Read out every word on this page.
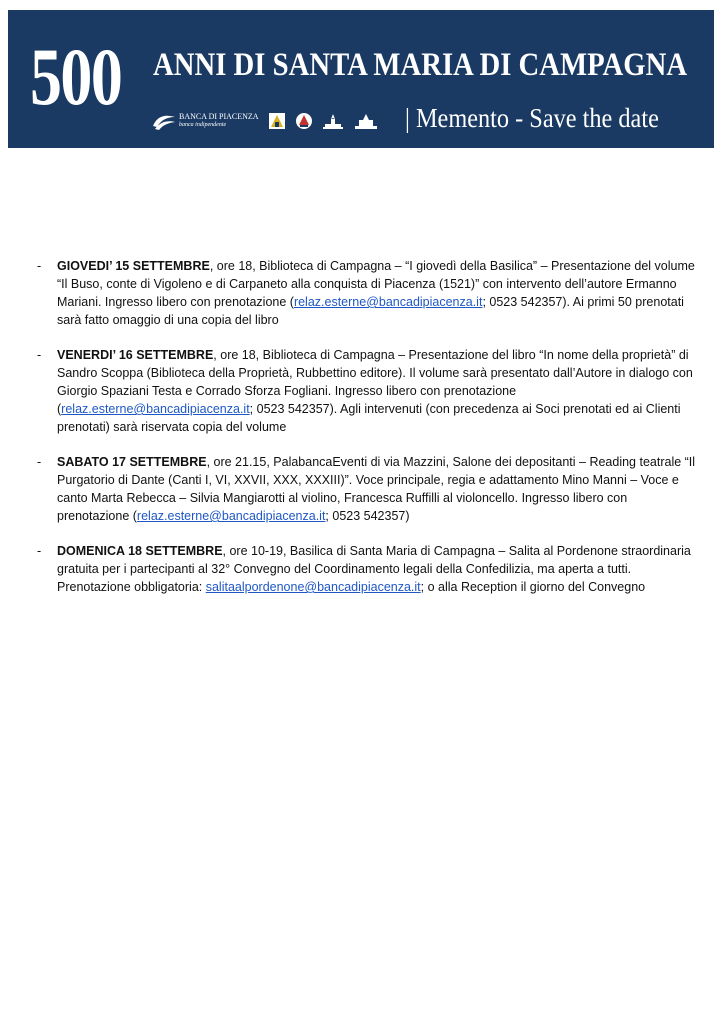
500 ANNI DI SANTA MARIA DI CAMPAGNA
BANCA DI PIACENZA
banca indipendente	| Memento - Save the date
- GIOVEDI’ 15 SETTEMBRE, ore 18, Biblioteca di Campagna – “I giovedì della Basilica” – Presentazione del volume “Il Buso, conte di Vigoleno e di Carpaneto alla conquista di Piacenza (1521)” con intervento dell’autore Ermanno Mariani. Ingresso libero con prenotazione (relaz.esterne@bancadipiacenza.it; 0523 542357). Ai primi 50 prenotati sarà fatto omaggio di una copia del libro
- VENERDI’ 16 SETTEMBRE, ore 18, Biblioteca di Campagna – Presentazione del libro “In nome della proprietà” di Sandro Scoppa (Biblioteca della Proprietà, Rubbettino editore). Il volume sarà presentato dall’Autore in dialogo con Giorgio Spaziani Testa e Corrado Sforza Fogliani. Ingresso libero con prenotazione (relaz.esterne@bancadipiacenza.it; 0523 542357). Agli intervenuti (con precedenza ai Soci prenotati ed ai Clienti prenotati) sarà riservata copia del volume
- SABATO 17 SETTEMBRE, ore 21.15, PalabancaEventi di via Mazzini, Salone dei depositanti – Reading teatrale “Il Purgatorio di Dante (Canti I, VI, XXVII, XXX, XXXIII)”. Voce principale, regia e adattamento Mino Manni – Voce e canto Marta Rebecca – Silvia Mangiarotti al violino, Francesca Ruffilli al violoncello. Ingresso libero con prenotazione (relaz.esterne@bancadipiacenza.it; 0523 542357)
- DOMENICA 18 SETTEMBRE, ore 10-19, Basilica di Santa Maria di Campagna – Salita al Pordenone straordinaria gratuita per i partecipanti al 32° Convegno del Coordinamento legali della Confedilizia, ma aperta a tutti. Prenotazione obbligatoria: salitaalpordenone@bancadipiacenza.it; o alla Reception il giorno del Convegno
